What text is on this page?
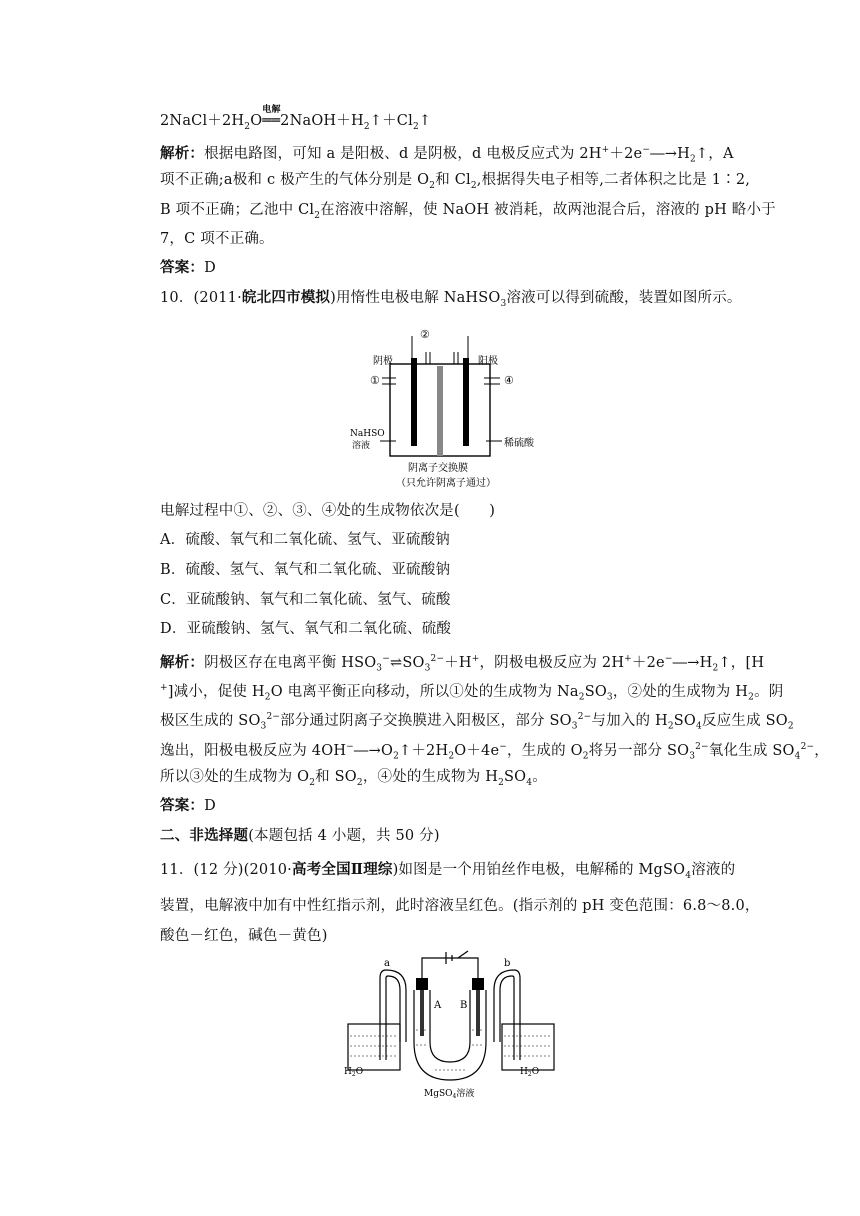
$2NaCl+2H_2O══$
电解
$2NaOH+H_2↑+Cl_2↑$
解析：根据电路图，可知 a 是阳极、d 是阴极，d 电极反应式为 $2H^++2e^-―\to H_2↑$，A
项不正确;a极和 c 极产生的气体分别是 $O_2$和 $Cl_2$,根据得失电子相等,二者体积之比是 1∶2,
B 项不正确；乙池中 $Cl_2$在溶液中溶解，使 NaOH 被消耗，故两池混合后，溶液的 pH 略小于
7，C 项不正确。
答案：D
10．(2011·皖北四市模拟)用惰性电极电解 NaHSO$_3$溶液可以得到硫酸，装置如图所示。
②
①	④
阴极	阳极
NaHSO
溶液	稀硫酸
阴离子交换膜
（只允许阴离子通过）
电解过程中①、②、③、④处的生成物依次是(　　)
A．硫酸、氧气和二氧化硫、氢气、亚硫酸钠
B．硫酸、氢气、氧气和二氧化硫、亚硫酸钠
C．亚硫酸钠、氧气和二氧化硫、氢气、硫酸
D．亚硫酸钠、氢气、氧气和二氧化硫、硫酸
解析：阴极区存在电离平衡 $HSO_3^-\rightleftharpoons SO_3^{2-}+H^+$，阴极电极反应为 $2H^++2e^-―\to H_2↑$，[H
+]减小，促使 $H_2O$ 电离平衡正向移动，所以①处的生成物为 $Na_2SO_3$，②处的生成物为 $H_2$。阴
极区生成的 $SO_3^{2-}$部分通过阴离子交换膜进入阳极区，部分 $SO_3^{2-}$与加入的 $H_2SO_4$反应生成 $SO_2$
逸出，阳极电极反应为 $4OH^-―\to O_2↑+2H_2O+4e^-$，生成的 $O_2$将另一部分 $SO_3^{2-}$氧化生成 $SO_4^{2-}$，
所以③处的生成物为 $O_2$和 $SO_2$，④处的生成物为 $H_2SO_4$。
答案：D
二、非选择题(本题包括 4 小题，共 50 分)
11．(12 分)(2010·高考全国Ⅱ理综)如图是一个用铂丝作电极，电解稀的 MgSO$_4$溶液的
装置，电解液中加有中性红指示剂，此时溶液呈红色。(指示剂的 pH 变色范围：6.8～8.0，
酸色－红色，碱色－黄色)
a	b
A B
$H_2O$	$H_2O$
MgSO$_4$溶液
